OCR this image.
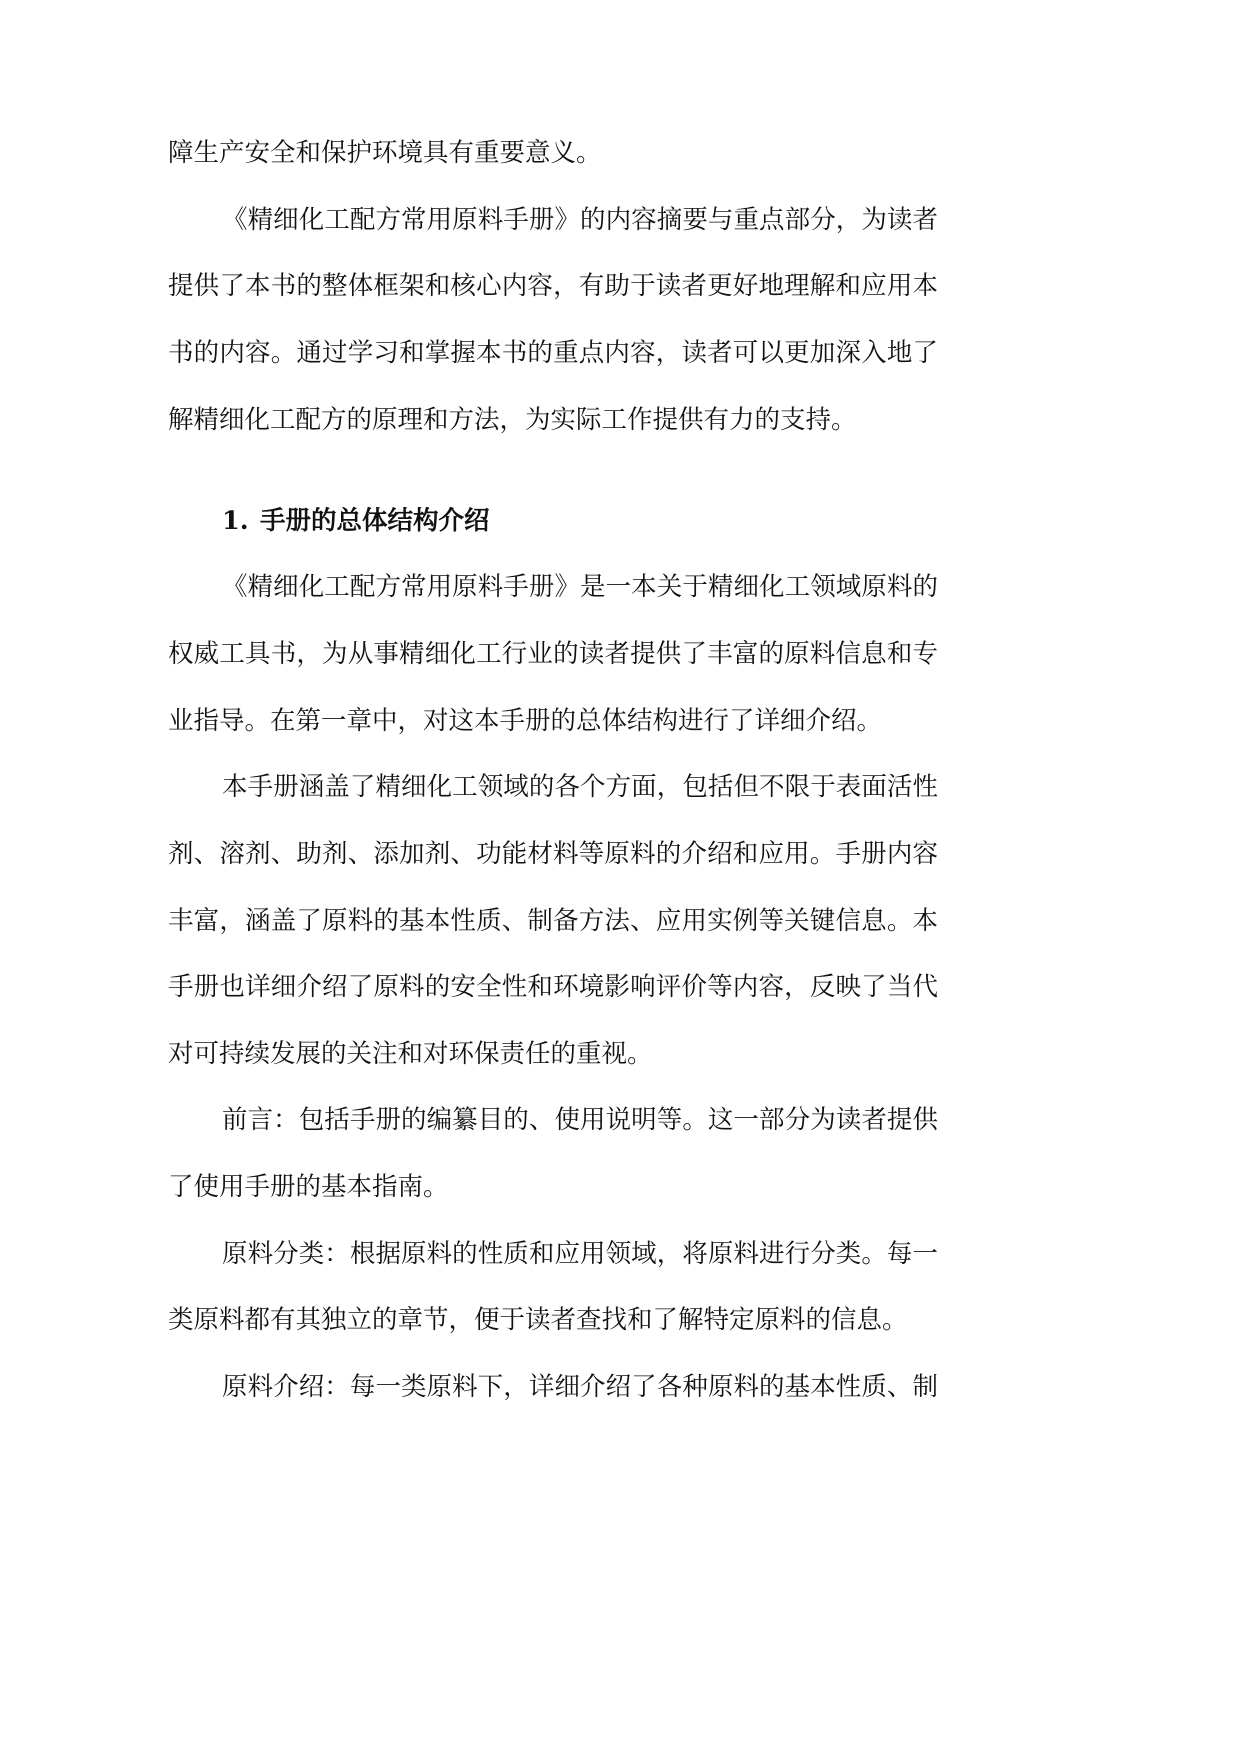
障生产安全和保护环境具有重要意义。

《精细化工配方常用原料手册》的内容摘要与重点部分，为读者
提供了本书的整体框架和核心内容，有助于读者更好地理解和应用本
书的内容。通过学习和掌握本书的重点内容，读者可以更加深入地了
解精细化工配方的原理和方法，为实际工作提供有力的支持。

1. 手册的总体结构介绍

《精细化工配方常用原料手册》是一本关于精细化工领域原料的
权威工具书，为从事精细化工行业的读者提供了丰富的原料信息和专
业指导。在第一章中，对这本手册的总体结构进行了详细介绍。

本手册涵盖了精细化工领域的各个方面，包括但不限于表面活性
剂、溶剂、助剂、添加剂、功能材料等原料的介绍和应用。手册内容
丰富，涵盖了原料的基本性质、制备方法、应用实例等关键信息。本
手册也详细介绍了原料的安全性和环境影响评价等内容，反映了当代
对可持续发展的关注和对环保责任的重视。

前言：包括手册的编纂目的、使用说明等。这一部分为读者提供
了使用手册的基本指南。

原料分类：根据原料的性质和应用领域，将原料进行分类。每一
类原料都有其独立的章节，便于读者查找和了解特定原料的信息。

原料介绍：每一类原料下，详细介绍了各种原料的基本性质、制
